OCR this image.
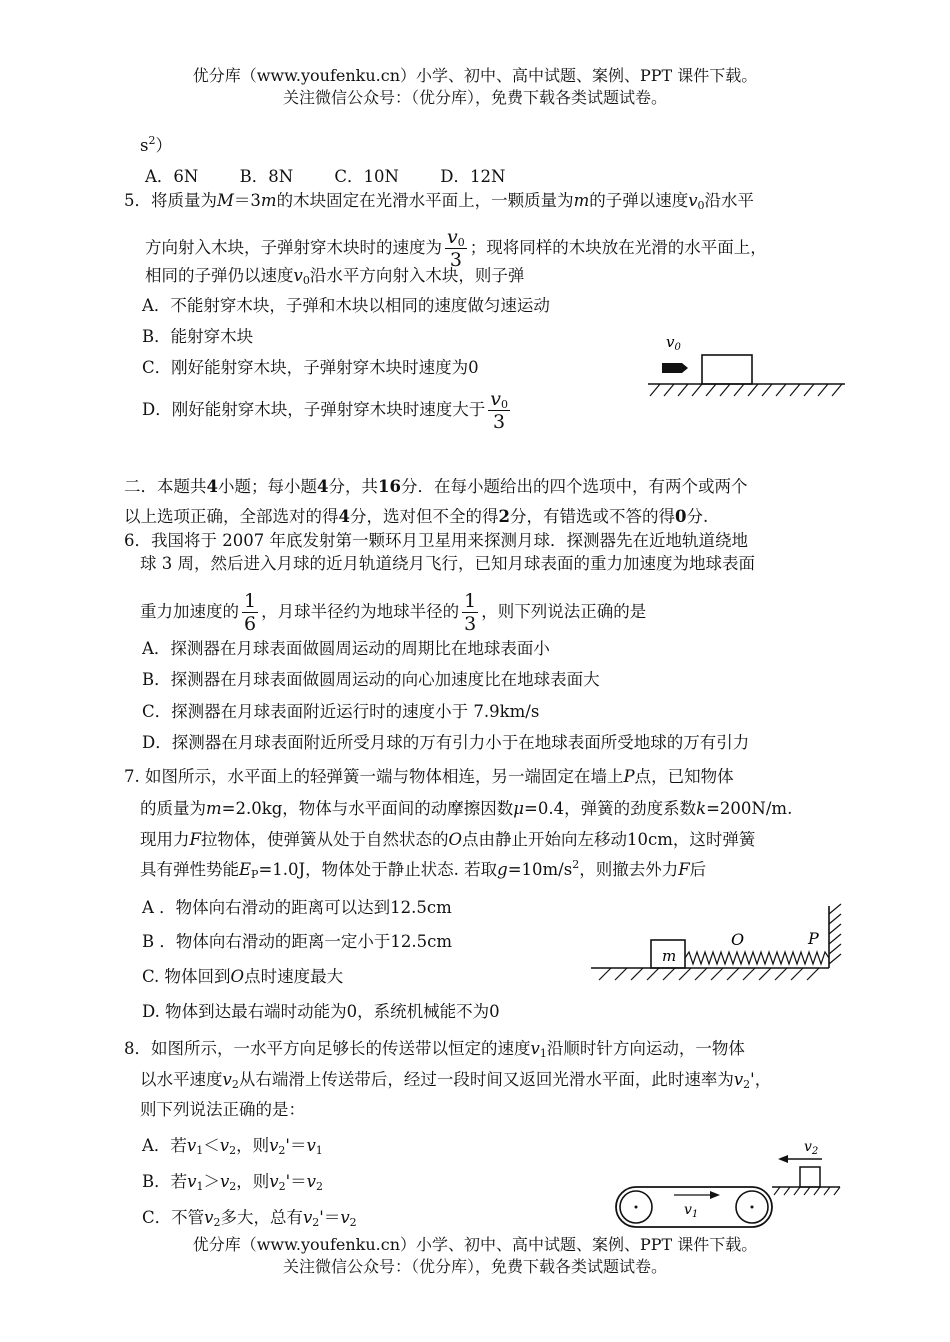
优分库（www.youfenku.cn）小学、初中、高中试题、案例、PPT 课件下载。
关注微信公众号：（优分库），免费下载各类试题试卷。
$s^2$）
A．6N	B．8N	C．10N	D．12N
5．将质量为M＝3m的木块固定在光滑水平面上，一颗质量为m的子弹以速度$v_0$沿水平
方向射入木块，子弹射穿木块时的速度为 $\frac{v_0}{3}$ ；现将同样的木块放在光滑的水平面上，
相同的子弹仍以速度$v_0$沿水平方向射入木块，则子弹
A．不能射穿木块，子弹和木块以相同的速度做匀速运动
B．能射穿木块
C．刚好能射穿木块，子弹射穿木块时速度为0
D．刚好能射穿木块，子弹射穿木块时速度大于 $\frac{v_0}{3}$
$v_0$
二．本题共4小题；每小题4分，共16分．在每小题给出的四个选项中，有两个或两个
以上选项正确，全部选对的得4分，选对但不全的得2分，有错选或不答的得0分.
6．我国将于 2007 年底发射第一颗环月卫星用来探测月球．探测器先在近地轨道绕地
球 3 周，然后进入月球的近月轨道绕月飞行，已知月球表面的重力加速度为地球表面
重力加速度的 $\frac{1}{6}$ ，月球半径约为地球半径的 $\frac{1}{3}$ ，则下列说法正确的是
A．探测器在月球表面做圆周运动的周期比在地球表面小
B．探测器在月球表面做圆周运动的向心加速度比在地球表面大
C．探测器在月球表面附近运行时的速度小于 7.9km/s
D．探测器在月球表面附近所受月球的万有引力小于在地球表面所受地球的万有引力
7. 如图所示，水平面上的轻弹簧一端与物体相连，另一端固定在墙上P点，已知物体
的质量为m=2.0kg，物体与水平面间的动摩擦因数μ=0.4，弹簧的劲度系数k=200N/m.
现用力F拉物体，使弹簧从处于自然状态的O点由静止开始向左移动10cm，这时弹簧
具有弹性势能$E_P=1.0J$，物体处于静止状态. 若取$g=10m/s^2$，则撤去外力F后
A ．物体向右滑动的距离可以达到12.5cm
B ．物体向右滑动的距离一定小于12.5cm
C. 物体回到O点时速度最大
D. 物体到达最右端时动能为0，系统机械能不为0
m
O	P
8．如图所示，一水平方向足够长的传送带以恒定的速度$v_1$沿顺时针方向运动，一物体
以水平速度$v_2$从右端滑上传送带后，经过一段时间又返回光滑水平面，此时速率为$v_2'$，
则下列说法正确的是：
A．若$v_1<v_2$，则$v_2'=v_1$
B．若$v_1>v_2$，则$v_2'=v_2$
C．不管$v_2$多大，总有$v_2'=v_2$
$v_2$
$v_1$
优分库（www.youfenku.cn）小学、初中、高中试题、案例、PPT 课件下载。
关注微信公众号：（优分库），免费下载各类试题试卷。
